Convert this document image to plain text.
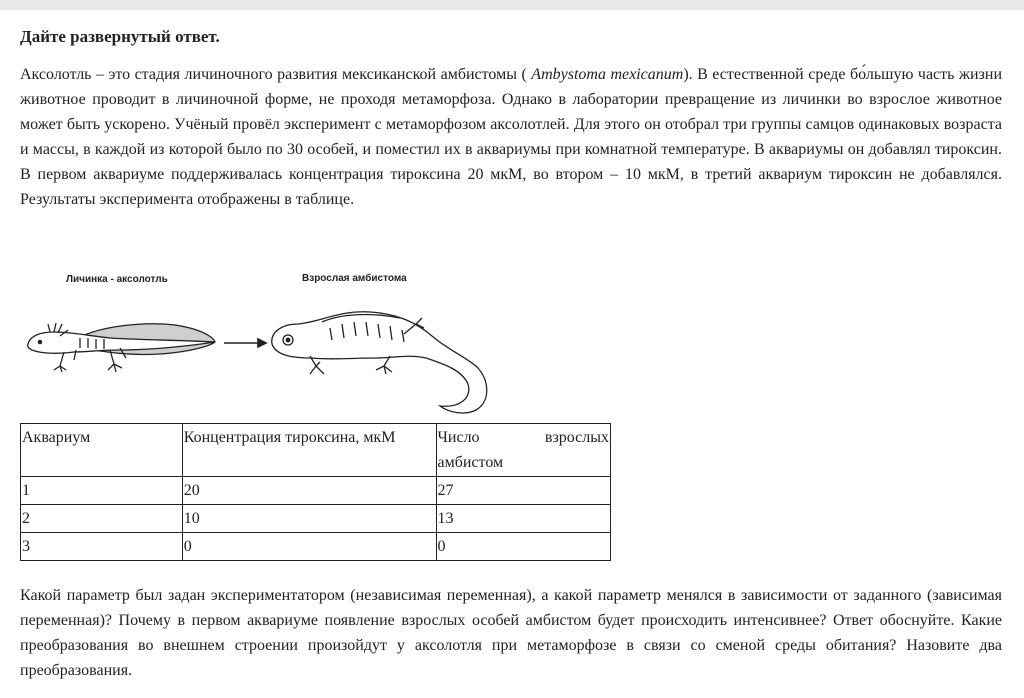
Дайте развернутый ответ.

Аксолотль – это стадия личиночного развития мексиканской амбистомы ( Ambystoma mexicanum). В естественной среде бо́льшую часть жизни животное проводит в личиночной форме, не проходя метаморфоза. Однако в лаборатории превращение из личинки во взрослое животное может быть ускорено. Учёный провёл эксперимент с метаморфозом аксолотлей. Для этого он отобрал три группы самцов одинаковых возраста и массы, в каждой из которой было по 30 особей, и поместил их в аквариумы при комнатной температуре. В аквариумы он добавлял тироксин. В первом аквариуме поддерживалась концентрация тироксина 20 мкМ, во втором – 10 мкМ, в третий аквариум тироксин не добавлялся. Результаты эксперимента отображены в таблице.

Личинка - аксолотль	Взрослая амбистома
Аквариум	Концентрация тироксина, мкМ	Число взрослых амбистом
1	20	27
2	10	13
3	0	0

Какой параметр был задан экспериментатором (независимая переменная), а какой параметр менялся в зависимости от заданного (зависимая переменная)? Почему в первом аквариуме появление взрослых особей амбистом будет происходить интенсивнее? Ответ обоснуйте. Какие преобразования во внешнем строении произойдут у аксолотля при метаморфозе в связи со сменой среды обитания? Назовите два преобразования.
